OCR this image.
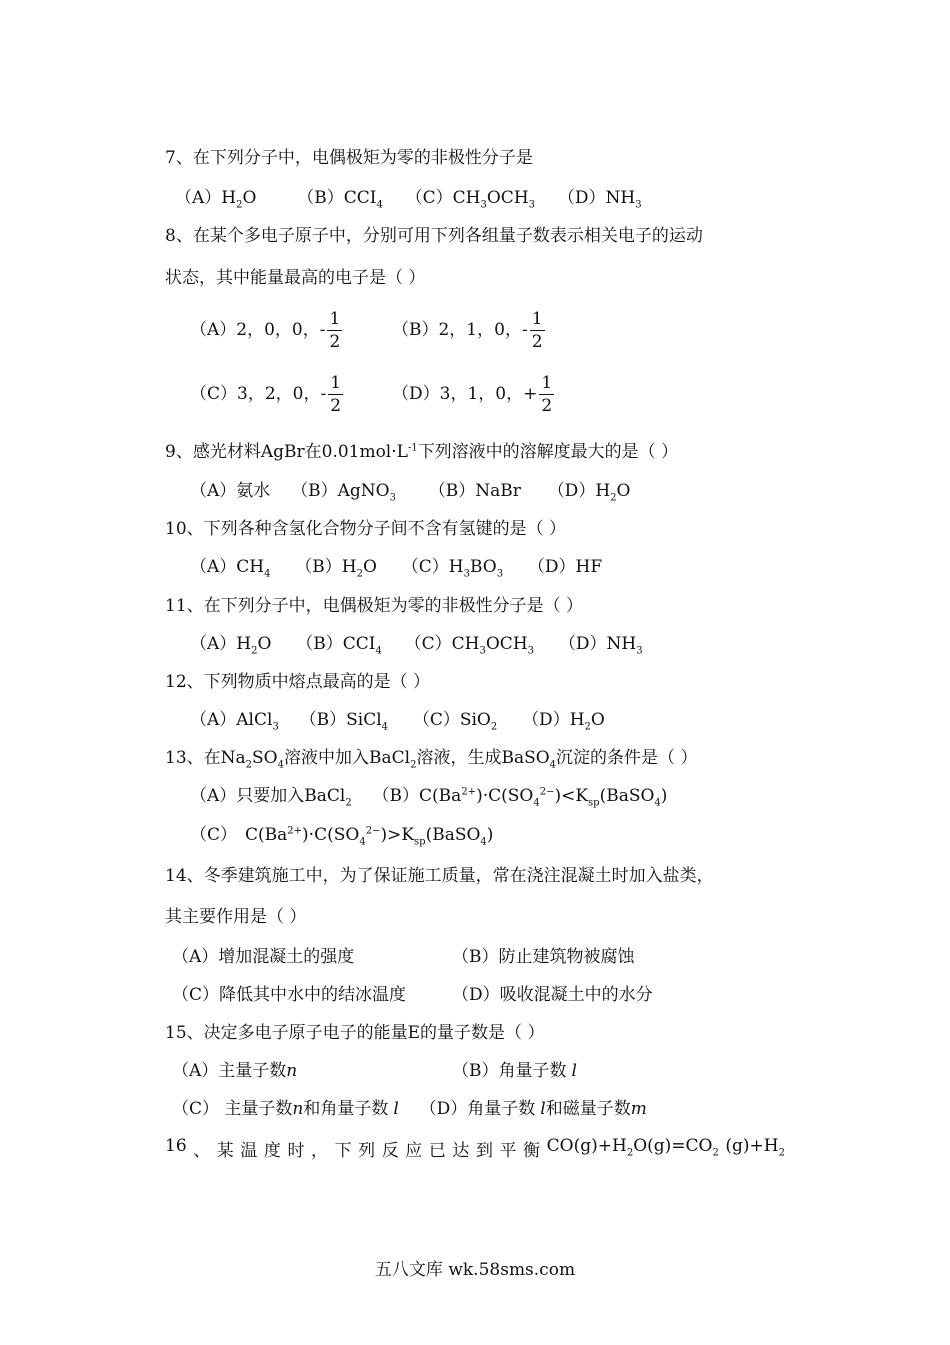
7、在下列分子中，电偶极矩为零的非极性分子是
$(A)H_2O$ $(B)CCI_4$ $(C)CH_3OCH_3$ $(D)NH_3$
8、在某个多电子原子中，分别可用下列各组量子数表示相关电子的运动
状态，其中能量最高的电子是（ ）
（A）2，0，0，- $\frac{1}{2}$	（B）2，1，0，- $\frac{1}{2}$
（C）3，2，0，- $\frac{1}{2}$	（D）3，1，0，+ $\frac{1}{2}$
9、感光材料AgBr在$0.01mol\cdot L^{-1}$下列溶液中的溶解度最大的是（ ）
（A）氨水 （B）AgNO$_3$ （B）NaBr $(D)H_2O$
10、下列各种含氢化合物分子间不含有氢键的是（ ）
$(A)CH_4$ $(B)H_2O$ $(C)H_3BO_3$ （D）HF
11、在下列分子中，电偶极矩为零的非极性分子是（ ）
$(A)H_2O$ $(B)CCI_4$ $(C)CH_3OCH_3$ $(D)NH_3$
12、下列物质中熔点最高的是（ ）
（A）AlCl$_3$ （B）SiCl$_4$ （C）SiO$_2$ $(D)H_2O$
13、在$Na_2SO_4$溶液中加入BaCl$_2$溶液，生成BaSO$_4$沉淀的条件是（ ）
（A）只要加入BaCl$_2$ $(B)C(Ba^{2+})\cdot C(SO_4^{2-})<K_{sp}(BaSO_4)$
（C） $C(Ba^{2+})\cdot C(SO_4^{2-})>K_{sp}(BaSO_4)$
14、冬季建筑施工中，为了保证施工质量，常在浇注混凝土时加入盐类，
其主要作用是（ ）
（A）增加混凝土的强度	（B）防止建筑物被腐蚀
（C）降低其中水中的结冰温度	（D）吸收混凝土中的水分
15、决定多电子原子电子的能量E的量子数是（ ）
（A）主量子数n	（B）角量子数 l
（C） 主量子数n和角量子数 l （D）角量子数 l和磁量子数m
16 、 某 温 度 时 ， 下 列 反 应 已 达 到 平 衡 $CO(g)+H_2O(g)=CO_2$ $(g)+H_2$
五八文库 wk.58sms.com
